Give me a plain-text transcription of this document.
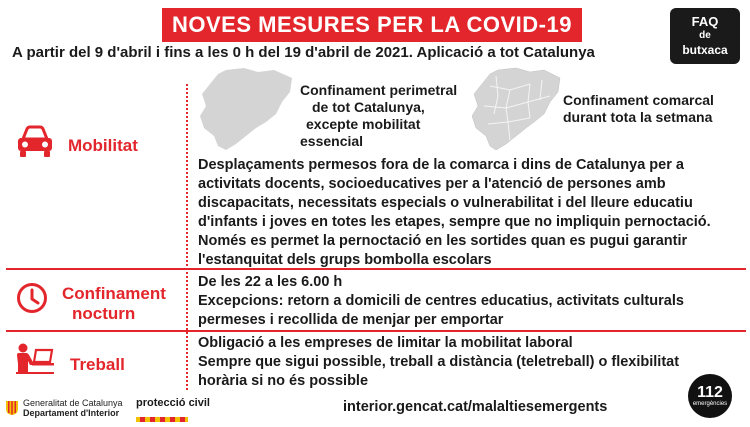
NOVES MESURES PER LA COVID-19	FAQ
de
butxaca
A partir del 9 d'abril i fins a les 0 h del 19 d'abril de 2021. Aplicació a tot Catalunya
Mobilitat
Confinament perimetral
de tot Catalunya,
excepte mobilitat
essencial
Confinament comarcal
durant tota la setmana
Desplaçaments permesos fora de la comarca i dins de Catalunya per a
activitats docents, socioeducatives per a l'atenció de persones amb
discapacitats, necessitats especials o vulnerabilitat i del lleure educatiu
d'infants i joves en totes les etapes, sempre que no impliquin pernoctació.
Només es permet la pernoctació en les sortides quan es pugui garantir
l'estanquitat dels grups bombolla escolars
Confinament
nocturn
De les 22 a les 6.00 h
Excepcions: retorn a domicili de centres educatius, activitats culturals
permeses i recollida de menjar per emportar
Treball
Obligació a les empreses de limitar la mobilitat laboral
Sempre que sigui possible, treball a distància (teletreball) o flexibilitat
horària si no és possible
Generalitat de Catalunya
Departament d'Interior
protecció civil	interior.gencat.cat/malaltiesemergents
112
emergències
